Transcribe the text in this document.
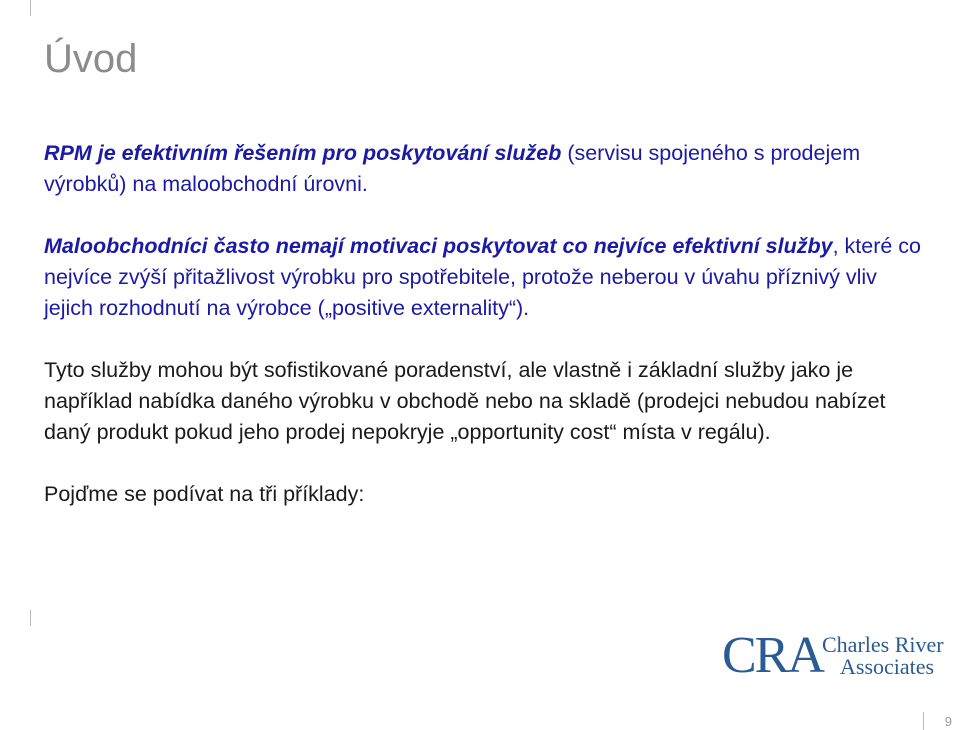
Úvod

RPM je efektivním řešením pro poskytování služeb (servisu spojeného s prodejem výrobků) na maloobchodní úrovni.

Maloobchodníci často nemají motivaci poskytovat co nejvíce efektivní služby, které co nejvíce zvýší přitažlivost výrobku pro spotřebitele, protože neberou v úvahu příznivý vliv jejich rozhodnutí na výrobce („positive externality“).

Tyto služby mohou být sofistikované poradenství, ale vlastně i základní služby jako je například nabídka daného výrobku v obchodě nebo na skladě (prodejci nebudou nabízet daný produkt pokud jeho prodej nepokryje „opportunity cost“ místa v regálu).

Pojďme se podívat na tři příklady:

CRA Charles River
Associates
9
